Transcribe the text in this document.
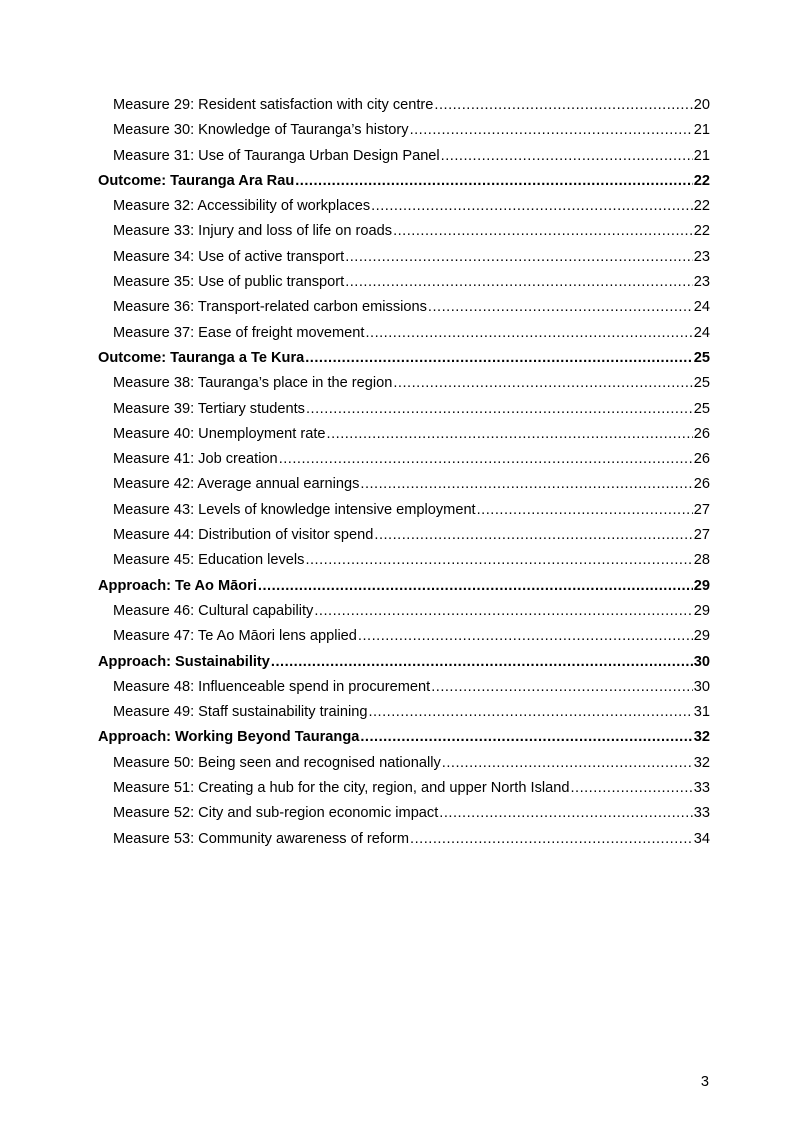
Measure 29: Resident satisfaction with city centre .....	20
Measure 30: Knowledge of Tauranga’s history .....	21
Measure 31: Use of Tauranga Urban Design Panel .....	21
Outcome: Tauranga Ara Rau .....	22
Measure 32: Accessibility of workplaces .....	22
Measure 33: Injury and loss of life on roads .....	22
Measure 34: Use of active transport .....	23
Measure 35: Use of public transport .....	23
Measure 36: Transport-related carbon emissions .....	24
Measure 37: Ease of freight movement .....	24
Outcome: Tauranga a Te Kura .....	25
Measure 38: Tauranga’s place in the region .....	25
Measure 39: Tertiary students .....	25
Measure 40: Unemployment rate .....	26
Measure 41: Job creation .....	26
Measure 42: Average annual earnings .....	26
Measure 43: Levels of knowledge intensive employment .....	27
Measure 44: Distribution of visitor spend .....	27
Measure 45: Education levels .....	28
Approach: Te Ao Māori .....	29
Measure 46: Cultural capability .....	29
Measure 47: Te Ao Māori lens applied .....	29
Approach: Sustainability .....	30
Measure 48: Influenceable spend in procurement .....	30
Measure 49: Staff sustainability training .....	31
Approach: Working Beyond Tauranga .....	32
Measure 50: Being seen and recognised nationally .....	32
Measure 51: Creating a hub for the city, region, and upper North Island .....	33
Measure 52: City and sub-region economic impact .....	33
Measure 53: Community awareness of reform .....	34
3
